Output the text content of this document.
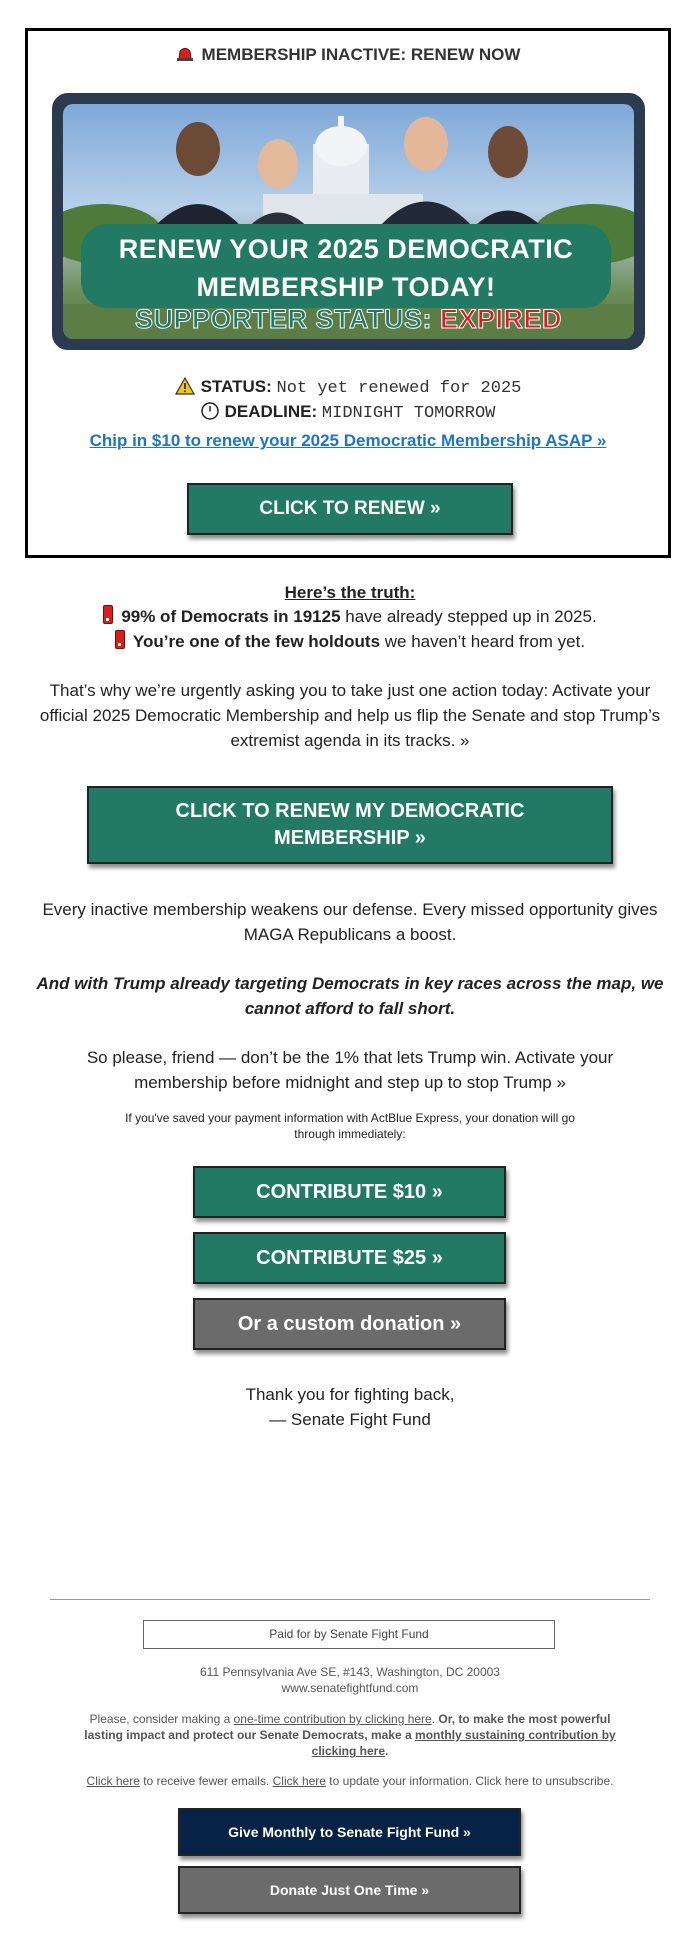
MEMBERSHIP INACTIVE: RENEW NOW
RENEW YOUR 2025 DEMOCRATIC
MEMBERSHIP TODAY!
SUPPORTER STATUS: EXPIRED
STATUS: Not yet renewed for 2025
DEADLINE: MIDNIGHT TOMORROW
Chip in $10 to renew your 2025 Democratic Membership ASAP »
CLICK TO RENEW »
Here’s the truth:
99% of Democrats in 19125 have already stepped up in 2025.
You’re one of the few holdouts we haven’t heard from yet.
That’s why we’re urgently asking you to take just one action today: Activate your official 2025 Democratic Membership and help us flip the Senate and stop Trump’s extremist agenda in its tracks. »
CLICK TO RENEW MY DEMOCRATIC
MEMBERSHIP »
Every inactive membership weakens our defense. Every missed opportunity gives MAGA Republicans a boost.
And with Trump already targeting Democrats in key races across the map, we cannot afford to fall short.
So please, friend — don’t be the 1% that lets Trump win. Activate your membership before midnight and step up to stop Trump »
If you've saved your payment information with ActBlue Express, your donation will go through immediately:
CONTRIBUTE $10 »
CONTRIBUTE $25 »
Or a custom donation »
Thank you for fighting back,
— Senate Fight Fund
Paid for by Senate Fight Fund
611 Pennsylvania Ave SE, #143, Washington, DC 20003
www.senatefightfund.com
Please, consider making a one-time contribution by clicking here. Or, to make the most powerful lasting impact and protect our Senate Democrats, make a monthly sustaining contribution by clicking here.
Click here to receive fewer emails. Click here to update your information. Click here to unsubscribe.
Give Monthly to Senate Fight Fund »
Donate Just One Time »
